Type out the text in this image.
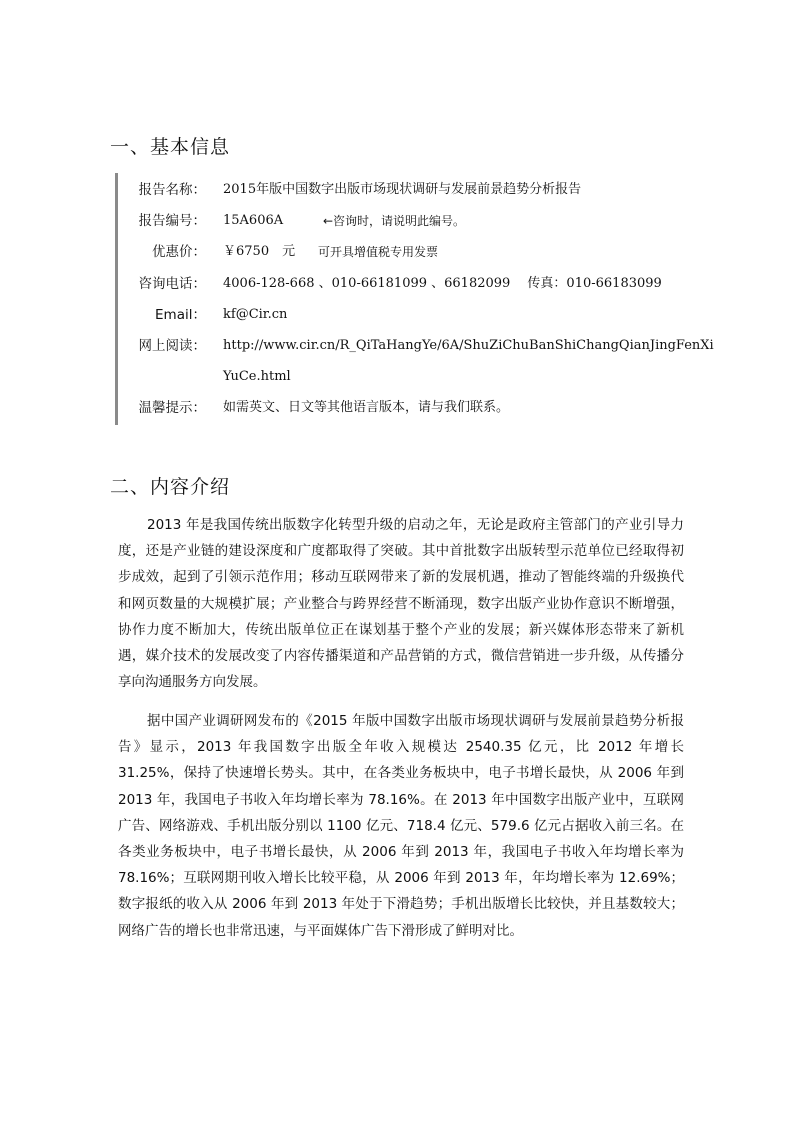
一、基本信息
报告名称： 2015年版中国数字出版市场现状调研与发展前景趋势分析报告
报告编号： 15A606A	←咨询时，请说明此编号。
优惠价： ￥6750　元 可开具增值税专用发票
咨询电话： 4006-128-668 、010-66181099 、66182099　 传真：010-66183099
Email： kf@Cir.cn
网上阅读： http://www.cir.cn/R_QiTaHangYe/6A/ShuZiChuBanShiChangQianJingFenXi
YuCe.html
温馨提示： 如需英文、日文等其他语言版本，请与我们联系。
二、内容介绍

2013 年是我国传统出版数字化转型升级的启动之年，无论是政府主管部门的产业引导力度，还是产业链的建设深度和广度都取得了突破。其中首批数字出版转型示范单位已经取得初步成效，起到了引领示范作用；移动互联网带来了新的发展机遇，推动了智能终端的升级换代和网页数量的大规模扩展；产业整合与跨界经营不断涌现，数字出版产业协作意识不断增强，协作力度不断加大，传统出版单位正在谋划基于整个产业的发展；新兴媒体形态带来了新机遇，媒介技术的发展改变了内容传播渠道和产品营销的方式，微信营销进一步升级，从传播分享向沟通服务方向发展。

据中国产业调研网发布的《2015 年版中国数字出版市场现状调研与发展前景趋势分析报告》显示，2013 年我国数字出版全年收入规模达 2540.35 亿元，比 2012 年增长 31.25%，保持了快速增长势头。其中，在各类业务板块中，电子书增长最快，从 2006 年到 2013 年，我国电子书收入年均增长率为 78.16%。在 2013 年中国数字出版产业中，互联网广告、网络游戏、手机出版分别以 1100 亿元、718.4 亿元、579.6 亿元占据收入前三名。在各类业务板块中，电子书增长最快，从 2006 年到 2013 年，我国电子书收入年均增长率为 78.16%；互联网期刊收入增长比较平稳，从 2006 年到 2013 年，年均增长率为 12.69%；数字报纸的收入从 2006 年到 2013 年处于下滑趋势；手机出版增长比较快，并且基数较大；网络广告的增长也非常迅速，与平面媒体广告下滑形成了鲜明对比。
